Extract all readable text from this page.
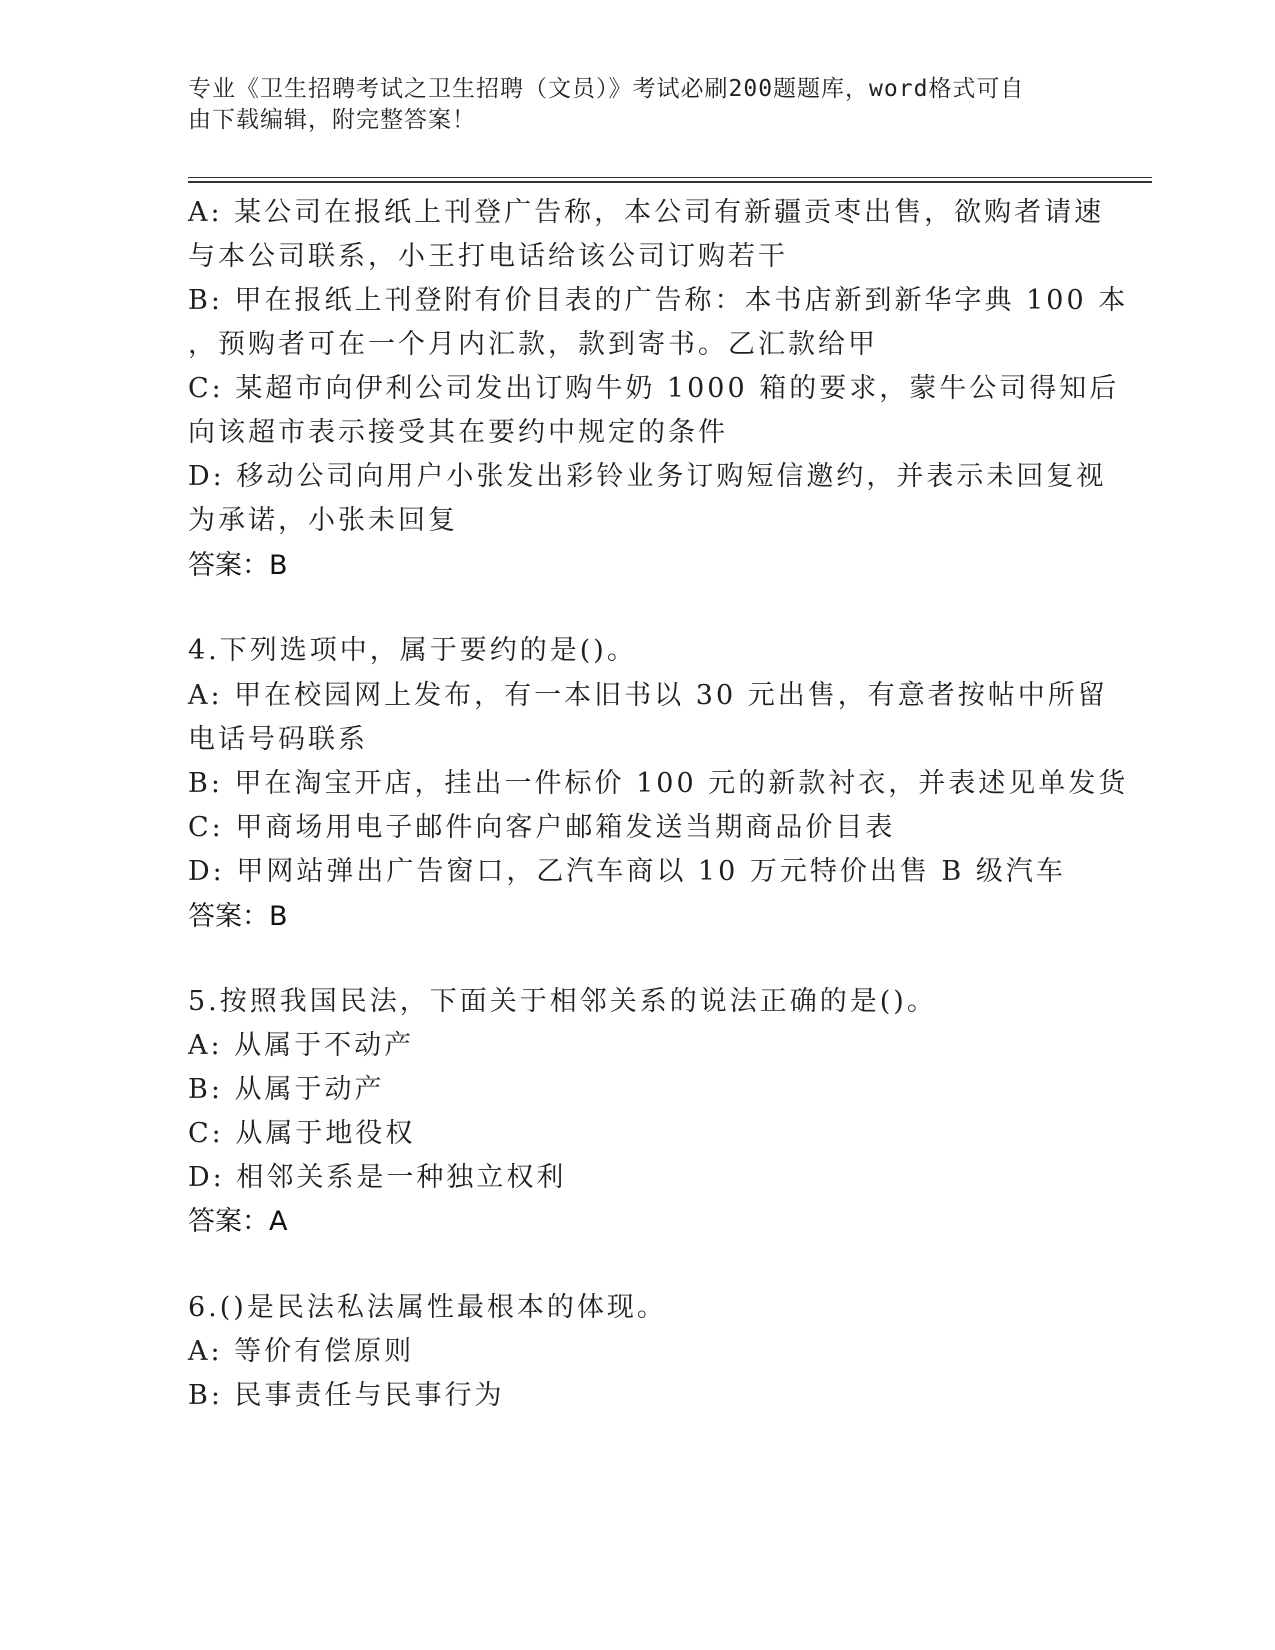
专业《卫生招聘考试之卫生招聘（文员）》考试必刷200题题库，word格式可自
由下载编辑，附完整答案！
A: 某公司在报纸上刊登广告称，本公司有新疆贡枣出售，欲购者请速
与本公司联系，小王打电话给该公司订购若干
B: 甲在报纸上刊登附有价目表的广告称：本书店新到新华字典 100 本
，预购者可在一个月内汇款，款到寄书。乙汇款给甲
C: 某超市向伊利公司发出订购牛奶 1000 箱的要求，蒙牛公司得知后
向该超市表示接受其在要约中规定的条件
D: 移动公司向用户小张发出彩铃业务订购短信邀约，并表示未回复视
为承诺，小张未回复
答案：B
4.下列选项中，属于要约的是()。
A: 甲在校园网上发布，有一本旧书以 30 元出售，有意者按帖中所留
电话号码联系
B: 甲在淘宝开店，挂出一件标价 100 元的新款衬衣，并表述见单发货
C: 甲商场用电子邮件向客户邮箱发送当期商品价目表
D: 甲网站弹出广告窗口，乙汽车商以 10 万元特价出售 B 级汽车
答案：B
5.按照我国民法，下面关于相邻关系的说法正确的是()。
A: 从属于不动产
B: 从属于动产
C: 从属于地役权
D: 相邻关系是一种独立权利
答案：A
6.()是民法私法属性最根本的体现。
A: 等价有偿原则
B: 民事责任与民事行为
